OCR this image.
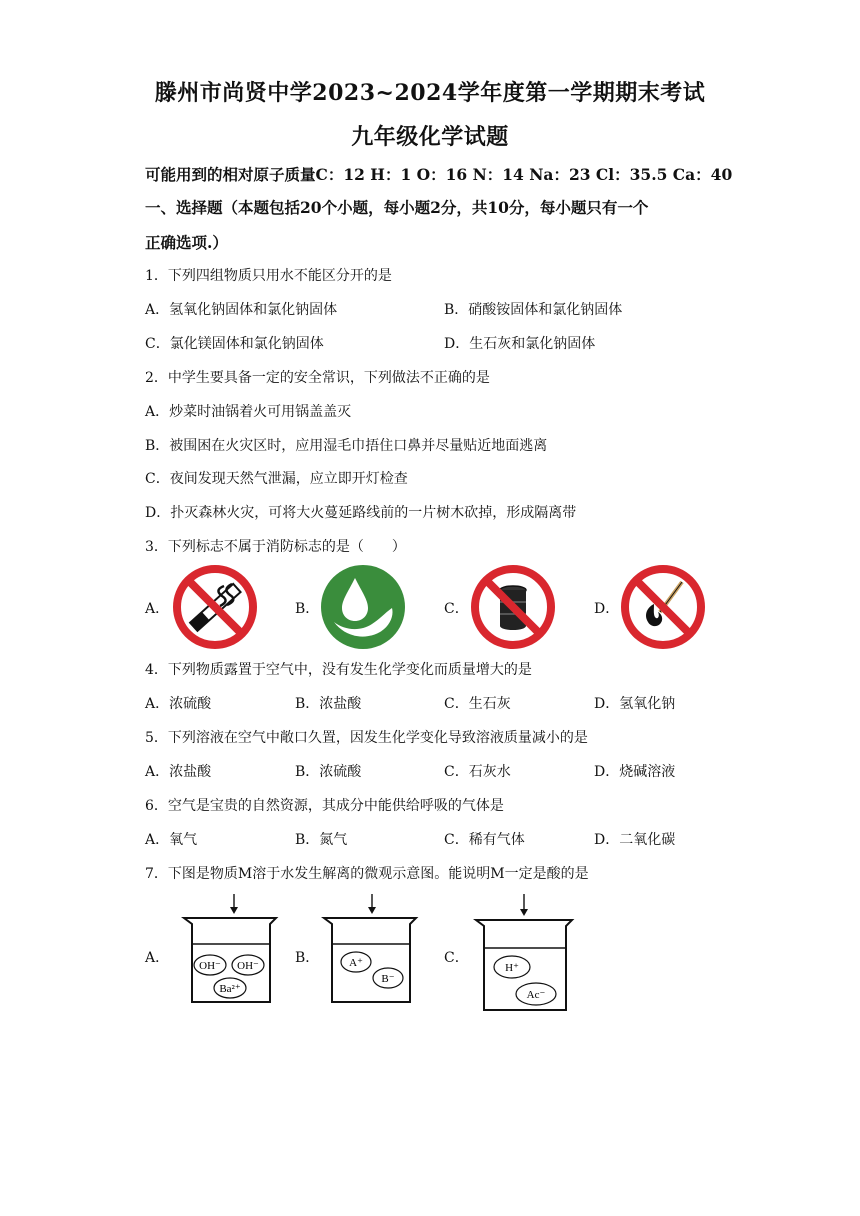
滕州市尚贤中学2023~2024学年度第一学期期末考试
九年级化学试题
可能用到的相对原子质量C：12 H：1 O：16 N：14 Na：23 Cl：35.5 Ca：40
一、选择题（本题包括20个小题，每小题2分，共10分，每小题只有一个
正确选项.）
1．下列四组物质只用水不能区分开的是
A．氢氧化钠固体和氯化钠固体	B．硝酸铵固体和氯化钠固体
C．氯化镁固体和氯化钠固体	D．生石灰和氯化钠固体
2．中学生要具备一定的安全常识，下列做法不正确的是
A．炒菜时油锅着火可用锅盖盖灭
B．被围困在火灾区时，应用湿毛巾捂住口鼻并尽量贴近地面逃离
C．夜间发现天然气泄漏，应立即开灯检查
D．扑灭森林火灾，可将大火蔓延路线前的一片树木砍掉，形成隔离带
3．下列标志不属于消防标志的是（　　）
A．	B．	C．	D．
4．下列物质露置于空气中，没有发生化学变化而质量增大的是
A．浓硫酸	B．浓盐酸	C．生石灰	D．氢氧化钠
5．下列溶液在空气中敞口久置，因发生化学变化导致溶液质量减小的是
A．浓盐酸	B．浓硫酸	C．石灰水	D．烧碱溶液
6．空气是宝贵的自然资源，其成分中能供给呼吸的气体是
A．氧气	B．氮气	C．稀有气体	D．二氧化碳
7．下图是物质M溶于水发生解离的微观示意图。能说明M一定是酸的是
A．	OH⁻ OH⁻
Ba²⁺
B．	A⁺
B⁻
C．
H⁺
Ac⁻
